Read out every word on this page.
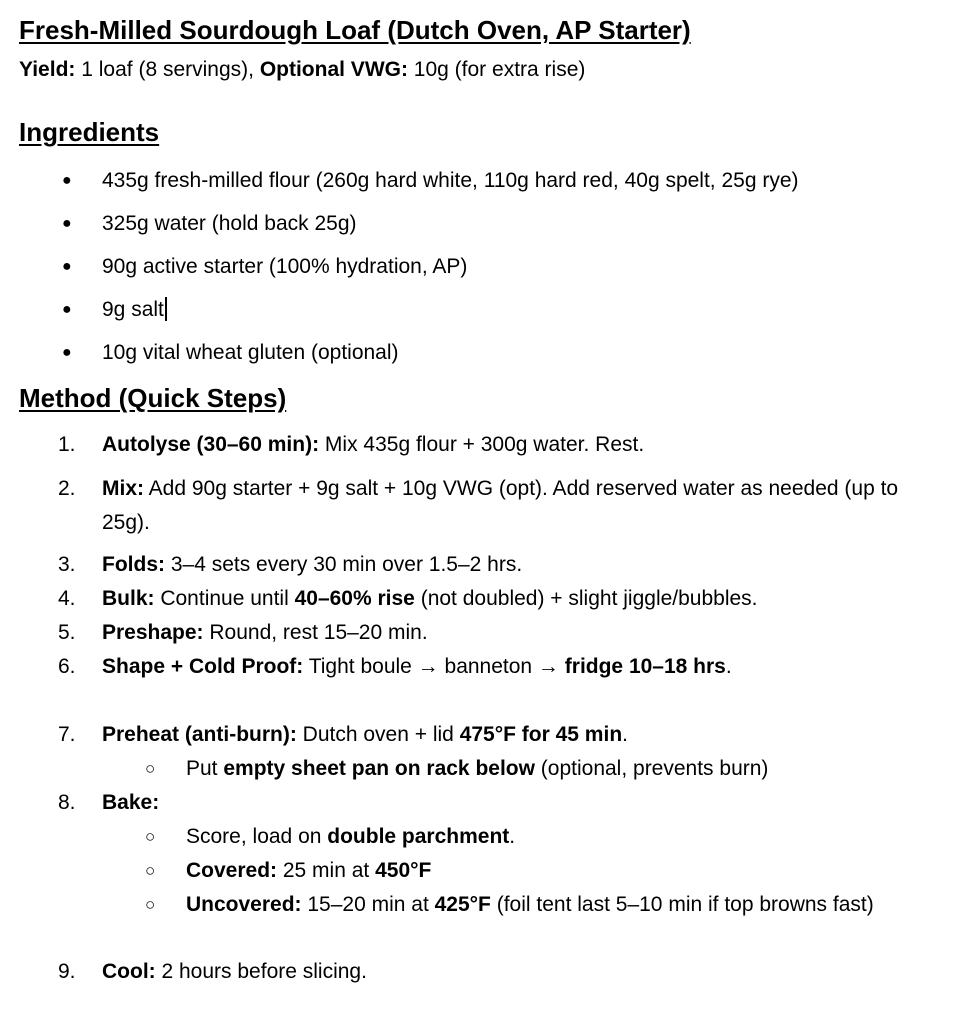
Fresh-Milled Sourdough Loaf (Dutch Oven, AP Starter)
Yield: 1 loaf (8 servings), Optional VWG: 10g (for extra rise)
Ingredients
● 435g fresh-milled flour (260g hard white, 110g hard red, 40g spelt, 25g rye)
● 325g water (hold back 25g)
● 90g active starter (100% hydration, AP)
● 9g salt
● 10g vital wheat gluten (optional)
Method (Quick Steps)
1. Autolyse (30–60 min): Mix 435g flour + 300g water. Rest.
2. Mix: Add 90g starter + 9g salt + 10g VWG (opt). Add reserved water as needed (up to 25g).
3. Folds: 3–4 sets every 30 min over 1.5–2 hrs.
4. Bulk: Continue until 40–60% rise (not doubled) + slight jiggle/bubbles.
5. Preshape: Round, rest 15–20 min.
6. Shape + Cold Proof: Tight boule → banneton → fridge 10–18 hrs.
7. Preheat (anti-burn): Dutch oven + lid 475°F for 45 min.
○ Put empty sheet pan on rack below (optional, prevents burn)
8. Bake:
○ Score, load on double parchment.
○ Covered: 25 min at 450°F
○ Uncovered: 15–20 min at 425°F (foil tent last 5–10 min if top browns fast)
9. Cool: 2 hours before slicing.
